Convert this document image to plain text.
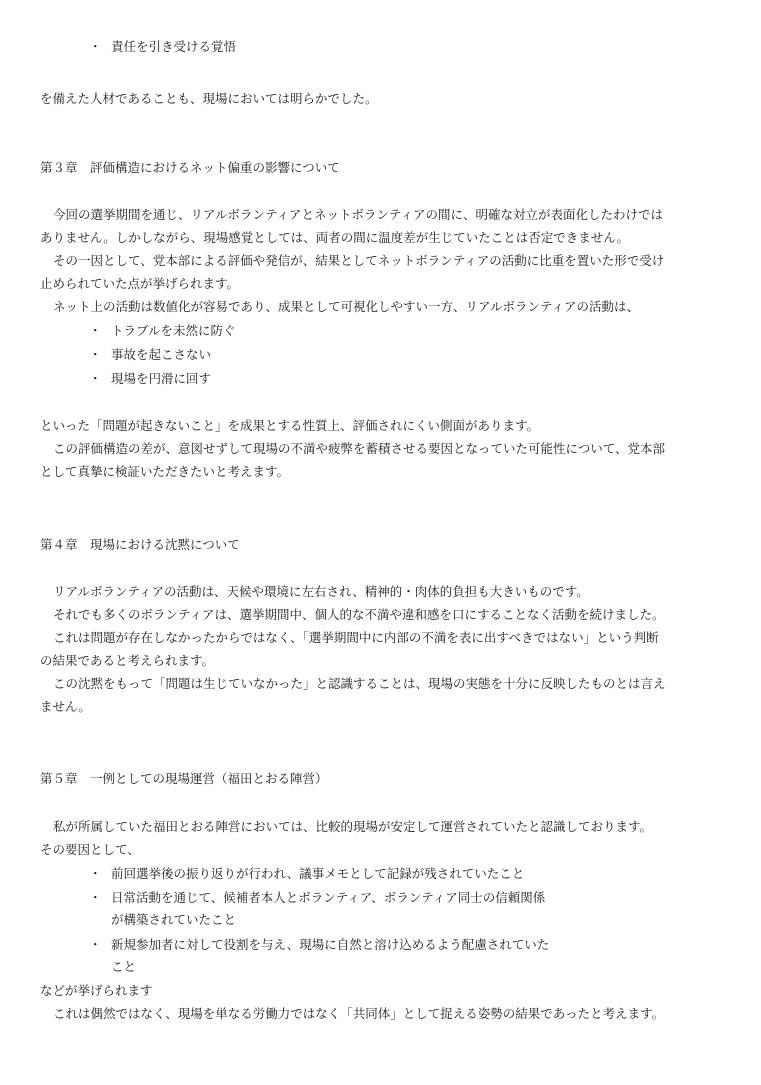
・ 責任を引き受ける覚悟
を備えた人材であることも、現場においては明らかでした。
第３章　評価構造におけるネット偏重の影響について
今回の選挙期間を通じ、リアルボランティアとネットボランティアの間に、明確な対立が表面化したわけでは
ありません。しかしながら、現場感覚としては、両者の間に温度差が生じていたことは否定できません。
その一因として、党本部による評価や発信が、結果としてネットボランティアの活動に比重を置いた形で受け
止められていた点が挙げられます。
ネット上の活動は数値化が容易であり、成果として可視化しやすい一方、リアルボランティアの活動は、
・ トラブルを未然に防ぐ
・ 事故を起こさない
・ 現場を円滑に回す
といった「問題が起きないこと」を成果とする性質上、評価されにくい側面があります。
この評価構造の差が、意図せずして現場の不満や疲弊を蓄積させる要因となっていた可能性について、党本部
として真摯に検証いただきたいと考えます。
第４章　現場における沈黙について
リアルボランティアの活動は、天候や環境に左右され、精神的・肉体的負担も大きいものです。
それでも多くのボランティアは、選挙期間中、個人的な不満や違和感を口にすることなく活動を続けました。
これは問題が存在しなかったからではなく、「選挙期間中に内部の不満を表に出すべきではない」という判断
の結果であると考えられます。
この沈黙をもって「問題は生じていなかった」と認識することは、現場の実態を十分に反映したものとは言え
ません。
第５章　一例としての現場運営（福田とおる陣営）
私が所属していた福田とおる陣営においては、比較的現場が安定して運営されていたと認識しております。
その要因として、
・ 前回選挙後の振り返りが行われ、議事メモとして記録が残されていたこと
・ 日常活動を通じて、候補者本人とボランティア、ボランティア同士の信頼関係
が構築されていたこと
・ 新規参加者に対して役割を与え、現場に自然と溶け込めるよう配慮されていた
こと
などが挙げられます
これは偶然ではなく、現場を単なる労働力ではなく「共同体」として捉える姿勢の結果であったと考えます。
